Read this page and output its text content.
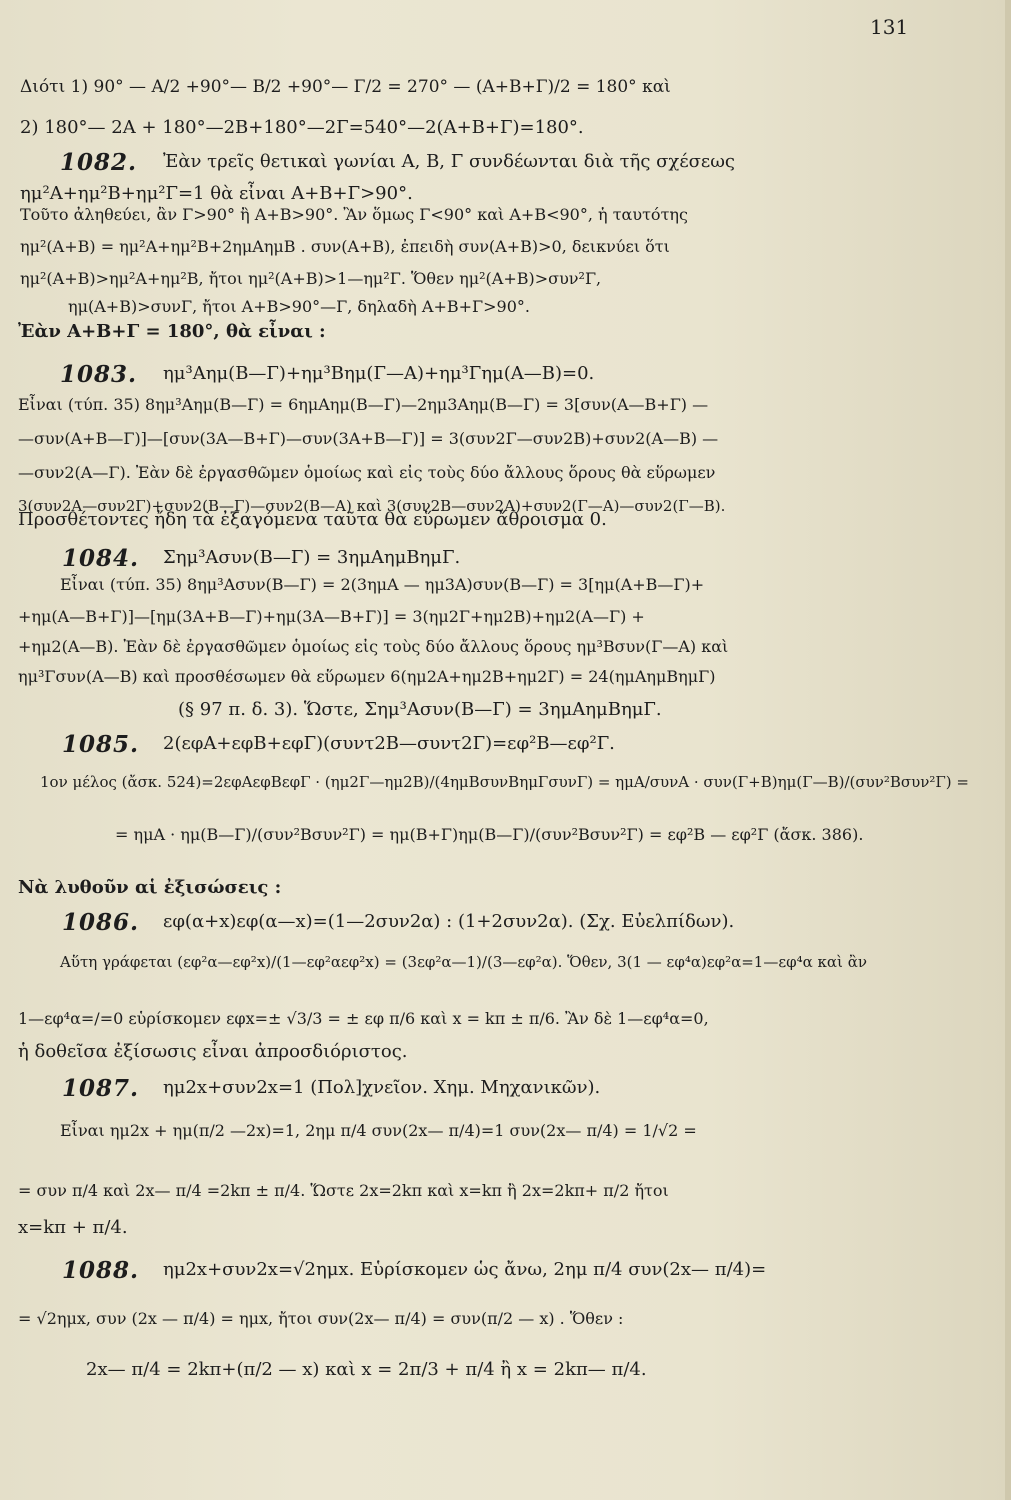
131
Διότι 1) 90° — Α/2 +90°— Β/2 +90°— Γ/2 = 270° — (Α+Β+Γ)/2 = 180° καὶ
2) 180°— 2Α + 180°—2Β+180°—2Γ=540°—2(Α+Β+Γ)=180°.
1082. Ἐὰν τρεῖς θετικαὶ γωνίαι Α, Β, Γ συνδέωνται διὰ τῆς σχέσεως
ημ²Α+ημ²Β+ημ²Γ=1 θὰ εἶναι Α+Β+Γ>90°.
Τοῦτο ἀληθεύει, ἂν Γ>90° ἢ Α+Β>90°. Ἂν ὅμως Γ<90° καὶ Α+Β<90°, ἡ ταυτότης
ημ²(Α+Β) = ημ²Α+ημ²Β+2ημΑημΒ . συν(Α+Β), ἐπειδὴ συν(Α+Β)>0, δεικνύει ὅτι
ημ²(Α+Β)>ημ²Α+ημ²Β, ἤτοι ημ²(Α+Β)>1—ημ²Γ. Ὅθεν ημ²(Α+Β)>συν²Γ,
ημ(Α+Β)>συνΓ, ἤτοι Α+Β>90°—Γ, δηλαδὴ Α+Β+Γ>90°.
Ἐὰν Α+Β+Γ = 180°, θὰ εἶναι :
1083. ημ³Αημ(Β—Γ)+ημ³Βημ(Γ—Α)+ημ³Γημ(Α—Β)=0.
Εἶναι (τύπ. 35) 8ημ³Αημ(Β—Γ) = 6ημΑημ(Β—Γ)—2ημ3Αημ(Β—Γ) = 3[συν(Α—Β+Γ) —
—συν(Α+Β—Γ)]—[συν(3Α—Β+Γ)—συν(3Α+Β—Γ)] = 3(συν2Γ—συν2Β)+συν2(Α—Β) —
—συν2(Α—Γ). Ἐὰν δὲ ἐργασθῶμεν ὁμοίως καὶ εἰς τοὺς δύο ἄλλους ὅρους θὰ εὕρωμεν
3(συν2Α—συν2Γ)+συν2(Β—Γ)—συν2(Β—Α) καὶ 3(συν2Β—συν2Α)+συν2(Γ—Α)—συν2(Γ—Β).
Προσθέτοντες ἤδη τὰ ἐξαγόμενα ταῦτα θὰ εὕρωμεν ἄθροισμα 0.
1084. Σημ³Ασυν(Β—Γ) = 3ημΑημΒημΓ.
Εἶναι (τύπ. 35) 8ημ³Ασυν(Β—Γ) = 2(3ημΑ — ημ3Α)συν(Β—Γ) = 3[ημ(Α+Β—Γ)+
+ημ(Α—Β+Γ)]—[ημ(3Α+Β—Γ)+ημ(3Α—Β+Γ)] = 3(ημ2Γ+ημ2Β)+ημ2(Α—Γ) +
+ημ2(Α—Β). Ἐὰν δὲ ἐργασθῶμεν ὁμοίως εἰς τοὺς δύο ἄλλους ὅρους ημ³Βσυν(Γ—Α) καὶ
ημ³Γσυν(Α—Β) καὶ προσθέσωμεν θὰ εὕρωμεν 6(ημ2Α+ημ2Β+ημ2Γ) = 24(ημΑημΒημΓ)
(§ 97 π. δ. 3). Ὥστε, Σημ³Ασυν(Β—Γ) = 3ημΑημΒημΓ.
1085. 2(εφΑ+εφΒ+εφΓ)(συντ2Β—συντ2Γ)=εφ²Β—εφ²Γ.
1ον μέλος (ἄσκ. 524)=2εφΑεφΒεφΓ · (ημ2Γ—ημ2Β)/(4ημΒσυνΒημΓσυνΓ) = ημΑ/συνΑ · συν(Γ+Β)ημ(Γ—Β)/(συν²Βσυν²Γ) =
= ημΑ · ημ(Β—Γ)/(συν²Βσυν²Γ) = ημ(Β+Γ)ημ(Β—Γ)/(συν²Βσυν²Γ) = εφ²Β — εφ²Γ (ἄσκ. 386).
Νὰ λυθοῦν αἱ ἐξισώσεις :
1086. εφ(α+x)εφ(α—x)=(1—2συν2α) : (1+2συν2α). (Σχ. Εὐελπίδων).
Αὕτη γράφεται (εφ²α—εφ²x)/(1—εφ²αεφ²x) = (3εφ²α—1)/(3—εφ²α). Ὅθεν, 3(1 — εφ⁴α)εφ²α=1—εφ⁴α καὶ ἂν
1—εφ⁴α=/=0 εὑρίσκομεν εφx=± √3/3 = ± εφ π/6 καὶ x = kπ ± π/6. Ἂν δὲ 1—εφ⁴α=0,
ἡ δοθεῖσα ἐξίσωσις εἶναι ἀπροσδιόριστος.
1087. ημ2x+συν2x=1 (Πολ]χνεῖον. Χημ. Μηχανικῶν).
Εἶναι ημ2x + ημ(π/2 —2x)=1, 2ημ π/4 συν(2x— π/4)=1 συν(2x— π/4) = 1/√2 =
= συν π/4 καὶ 2x— π/4 =2kπ ± π/4. Ὥστε 2x=2kπ καὶ x=kπ ἢ 2x=2kπ+ π/2 ἤτοι
x=kπ + π/4.
1088. ημ2x+συν2x=√2ημx. Εὑρίσκομεν ὡς ἄνω, 2ημ π/4 συν(2x— π/4)=
= √2ημx, συν (2x — π/4) = ημx, ἤτοι συν(2x— π/4) = συν(π/2 — x) . Ὅθεν :
2x— π/4 = 2kπ+(π/2 — x) καὶ x = 2π/3 + π/4 ἢ x = 2kπ— π/4.
